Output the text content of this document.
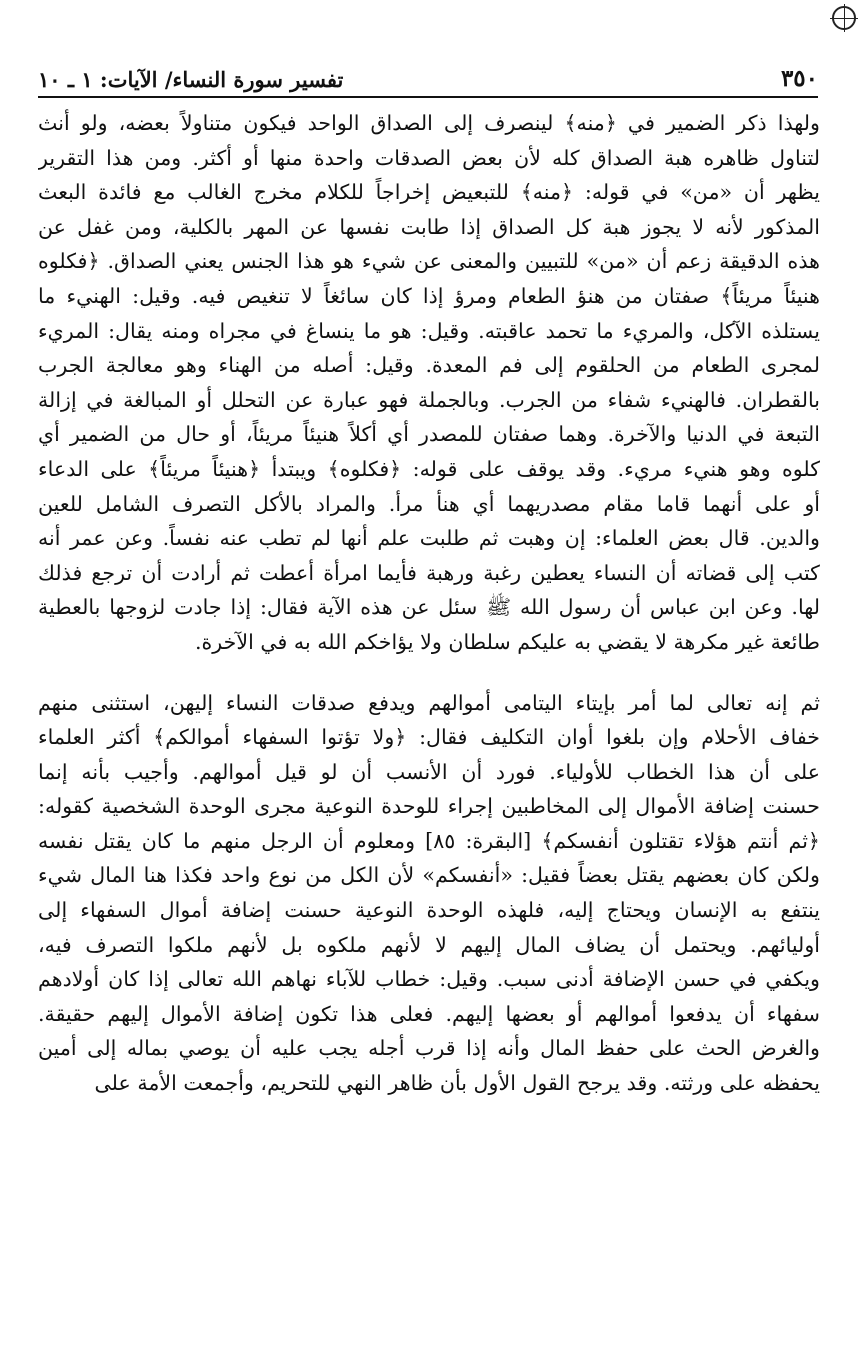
٣٥٠
تفسير سورة النساء/ الآيات: ١ ـ ١٠
ولهذا ذكر الضمير في ﴿منه﴾ لينصرف إلى الصداق الواحد فيكون متناولاً بعضه، ولو أنث
لتناول ظاهره هبة الصداق كله لأن بعض الصدقات واحدة منها أو أكثر. ومن هذا التقرير
يظهر أن «من» في قوله: ﴿منه﴾ للتبعيض إخراجاً للكلام مخرج الغالب مع فائدة البعث
المذكور لأنه لا يجوز هبة كل الصداق إذا طابت نفسها عن المهر بالكلية، ومن غفل عن
هذه الدقيقة زعم أن «من» للتبيين والمعنى عن شيء هو هذا الجنس يعني الصداق. ﴿فكلوه
هنيئاً مريئاً﴾ صفتان من هنؤ الطعام ومرؤ إذا كان سائغاً لا تنغيص فيه. وقيل: الهنيء ما
يستلذه الآكل، والمريء ما تحمد عاقبته. وقيل: هو ما ينساغ في مجراه ومنه يقال: المريء
لمجرى الطعام من الحلقوم إلى فم المعدة. وقيل: أصله من الهناء وهو معالجة الجرب
بالقطران. فالهنيء شفاء من الجرب. وبالجملة فهو عبارة عن التحلل أو المبالغة في إزالة
التبعة في الدنيا والآخرة. وهما صفتان للمصدر أي أكلاً هنيئاً مريئاً، أو حال من الضمير أي
كلوه وهو هنيء مريء. وقد يوقف على قوله: ﴿فكلوه﴾ ويبتدأ ﴿هنيئاً مريئاً﴾ على الدعاء
أو على أنهما قاما مقام مصدريهما أي هنأ مرأ. والمراد بالأكل التصرف الشامل للعين
والدين. قال بعض العلماء: إن وهبت ثم طلبت علم أنها لم تطب عنه نفساً. وعن عمر أنه
كتب إلى قضاته أن النساء يعطين رغبة ورهبة فأيما امرأة أعطت ثم أرادت أن ترجع فذلك
لها. وعن ابن عباس أن رسول الله ﷺ سئل عن هذه الآية فقال: إذا جادت لزوجها بالعطية
طائعة غير مكرهة لا يقضي به عليكم سلطان ولا يؤاخكم الله به في الآخرة.
ثم إنه تعالى لما أمر بإيتاء اليتامى أموالهم ويدفع صدقات النساء إليهن، استثنى منهم
خفاف الأحلام وإن بلغوا أوان التكليف فقال: ﴿ولا تؤتوا السفهاء أموالكم﴾ أكثر العلماء
على أن هذا الخطاب للأولياء. فورد أن الأنسب أن لو قيل أموالهم. وأجيب بأنه إنما
حسنت إضافة الأموال إلى المخاطبين إجراء للوحدة النوعية مجرى الوحدة الشخصية كقوله:
﴿ثم أنتم هؤلاء تقتلون أنفسكم﴾ [البقرة: ٨٥] ومعلوم أن الرجل منهم ما كان يقتل نفسه
ولكن كان بعضهم يقتل بعضاً فقيل: «أنفسكم» لأن الكل من نوع واحد فكذا هنا المال شيء
ينتفع به الإنسان ويحتاج إليه، فلهذه الوحدة النوعية حسنت إضافة أموال السفهاء إلى
أوليائهم. ويحتمل أن يضاف المال إليهم لا لأنهم ملكوه بل لأنهم ملكوا التصرف فيه،
ويكفي في حسن الإضافة أدنى سبب. وقيل: خطاب للآباء نهاهم الله تعالى إذا كان أولادهم
سفهاء أن يدفعوا أموالهم أو بعضها إليهم. فعلى هذا تكون إضافة الأموال إليهم حقيقة.
والغرض الحث على حفظ المال وأنه إذا قرب أجله يجب عليه أن يوصي بماله إلى أمين
يحفظه على ورثته. وقد يرجح القول الأول بأن ظاهر النهي للتحريم، وأجمعت الأمة على
